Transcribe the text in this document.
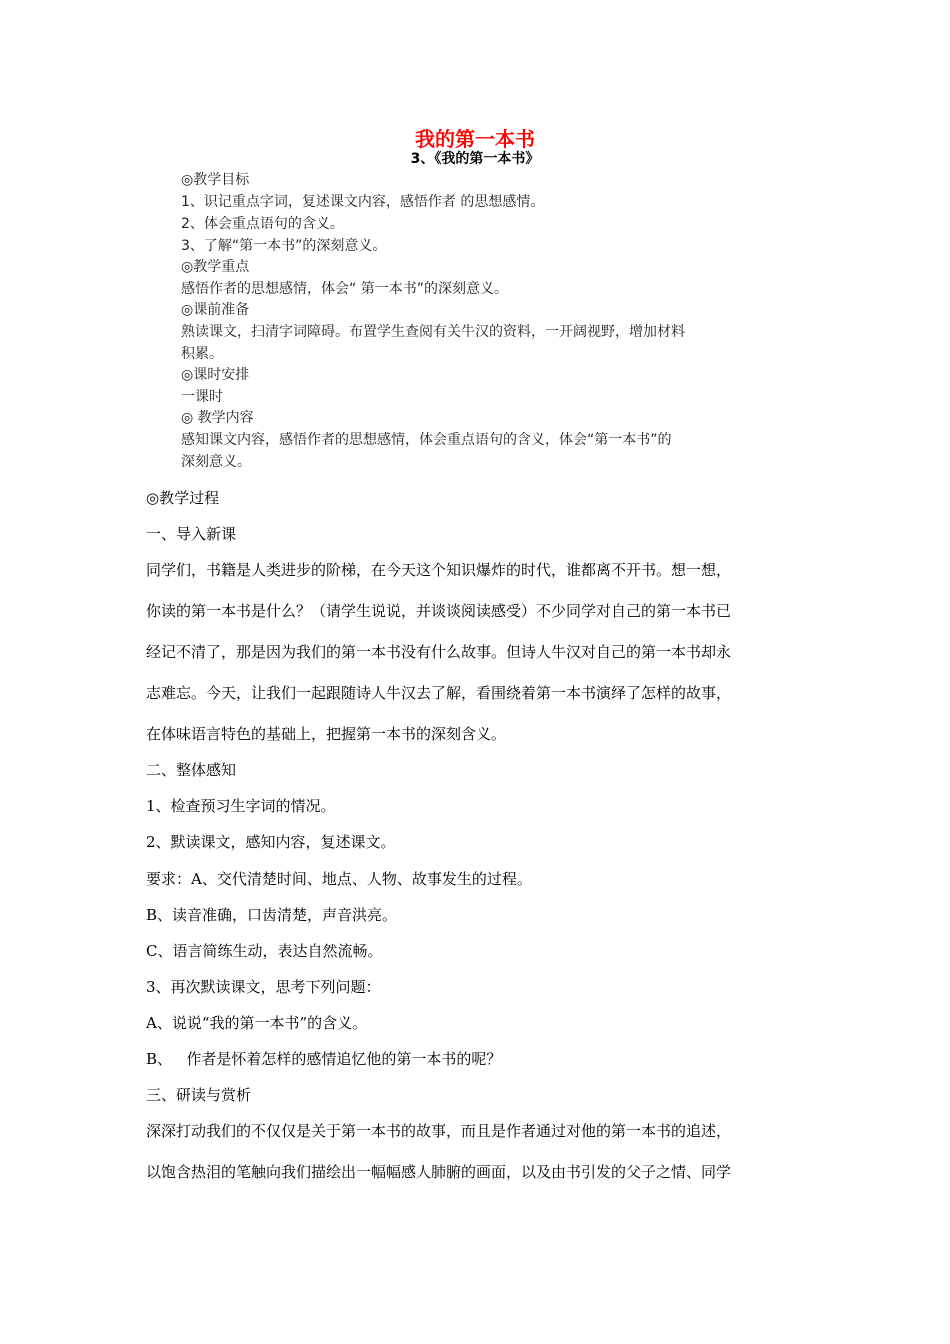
我的第一本书
3、《我的第一本书》
◎教学目标
1、识记重点字词，复述课文内容，感悟作者 的思想感情。
2、体会重点语句的含义。
3、了解“第一本书”的深刻意义。
◎教学重点
感悟作者的思想感情，体会“ 第一本书”的深刻意义。
◎课前准备
熟读课文，扫清字词障碍。布置学生查阅有关牛汉的资料，一开阔视野，增加材料
积累。
◎课时安排
一课时
◎ 教学内容
感知课文内容，感悟作者的思想感情，体会重点语句的含义，体会“第一本书”的
深刻意义。
◎教学过程
一、导入新课
同学们，书籍是人类进步的阶梯，在今天这个知识爆炸的时代，谁都离不开书。想一想，
你读的第一本书是什么？（请学生说说，并谈谈阅读感受）不少同学对自己的第一本书已
经记不清了，那是因为我们的第一本书没有什么故事。但诗人牛汉对自己的第一本书却永
志难忘。今天，让我们一起跟随诗人牛汉去了解，看围绕着第一本书演绎了怎样的故事，
在体味语言特色的基础上，把握第一本书的深刻含义。
二、整体感知
1、检查预习生字词的情况。
2、默读课文，感知内容，复述课文。
要求：A、交代清楚时间、地点、人物、故事发生的过程。
B、读音准确，口齿清楚，声音洪亮。
C、语言简练生动，表达自然流畅。
3、再次默读课文，思考下列问题：
A、说说“我的第一本书”的含义。
B、   作者是怀着怎样的感情追忆他的第一本书的呢？
三、研读与赏析
深深打动我们的不仅仅是关于第一本书的故事，而且是作者通过对他的第一本书的追述，
以饱含热泪的笔触向我们描绘出一幅幅感人肺腑的画面，以及由书引发的父子之情、同学
